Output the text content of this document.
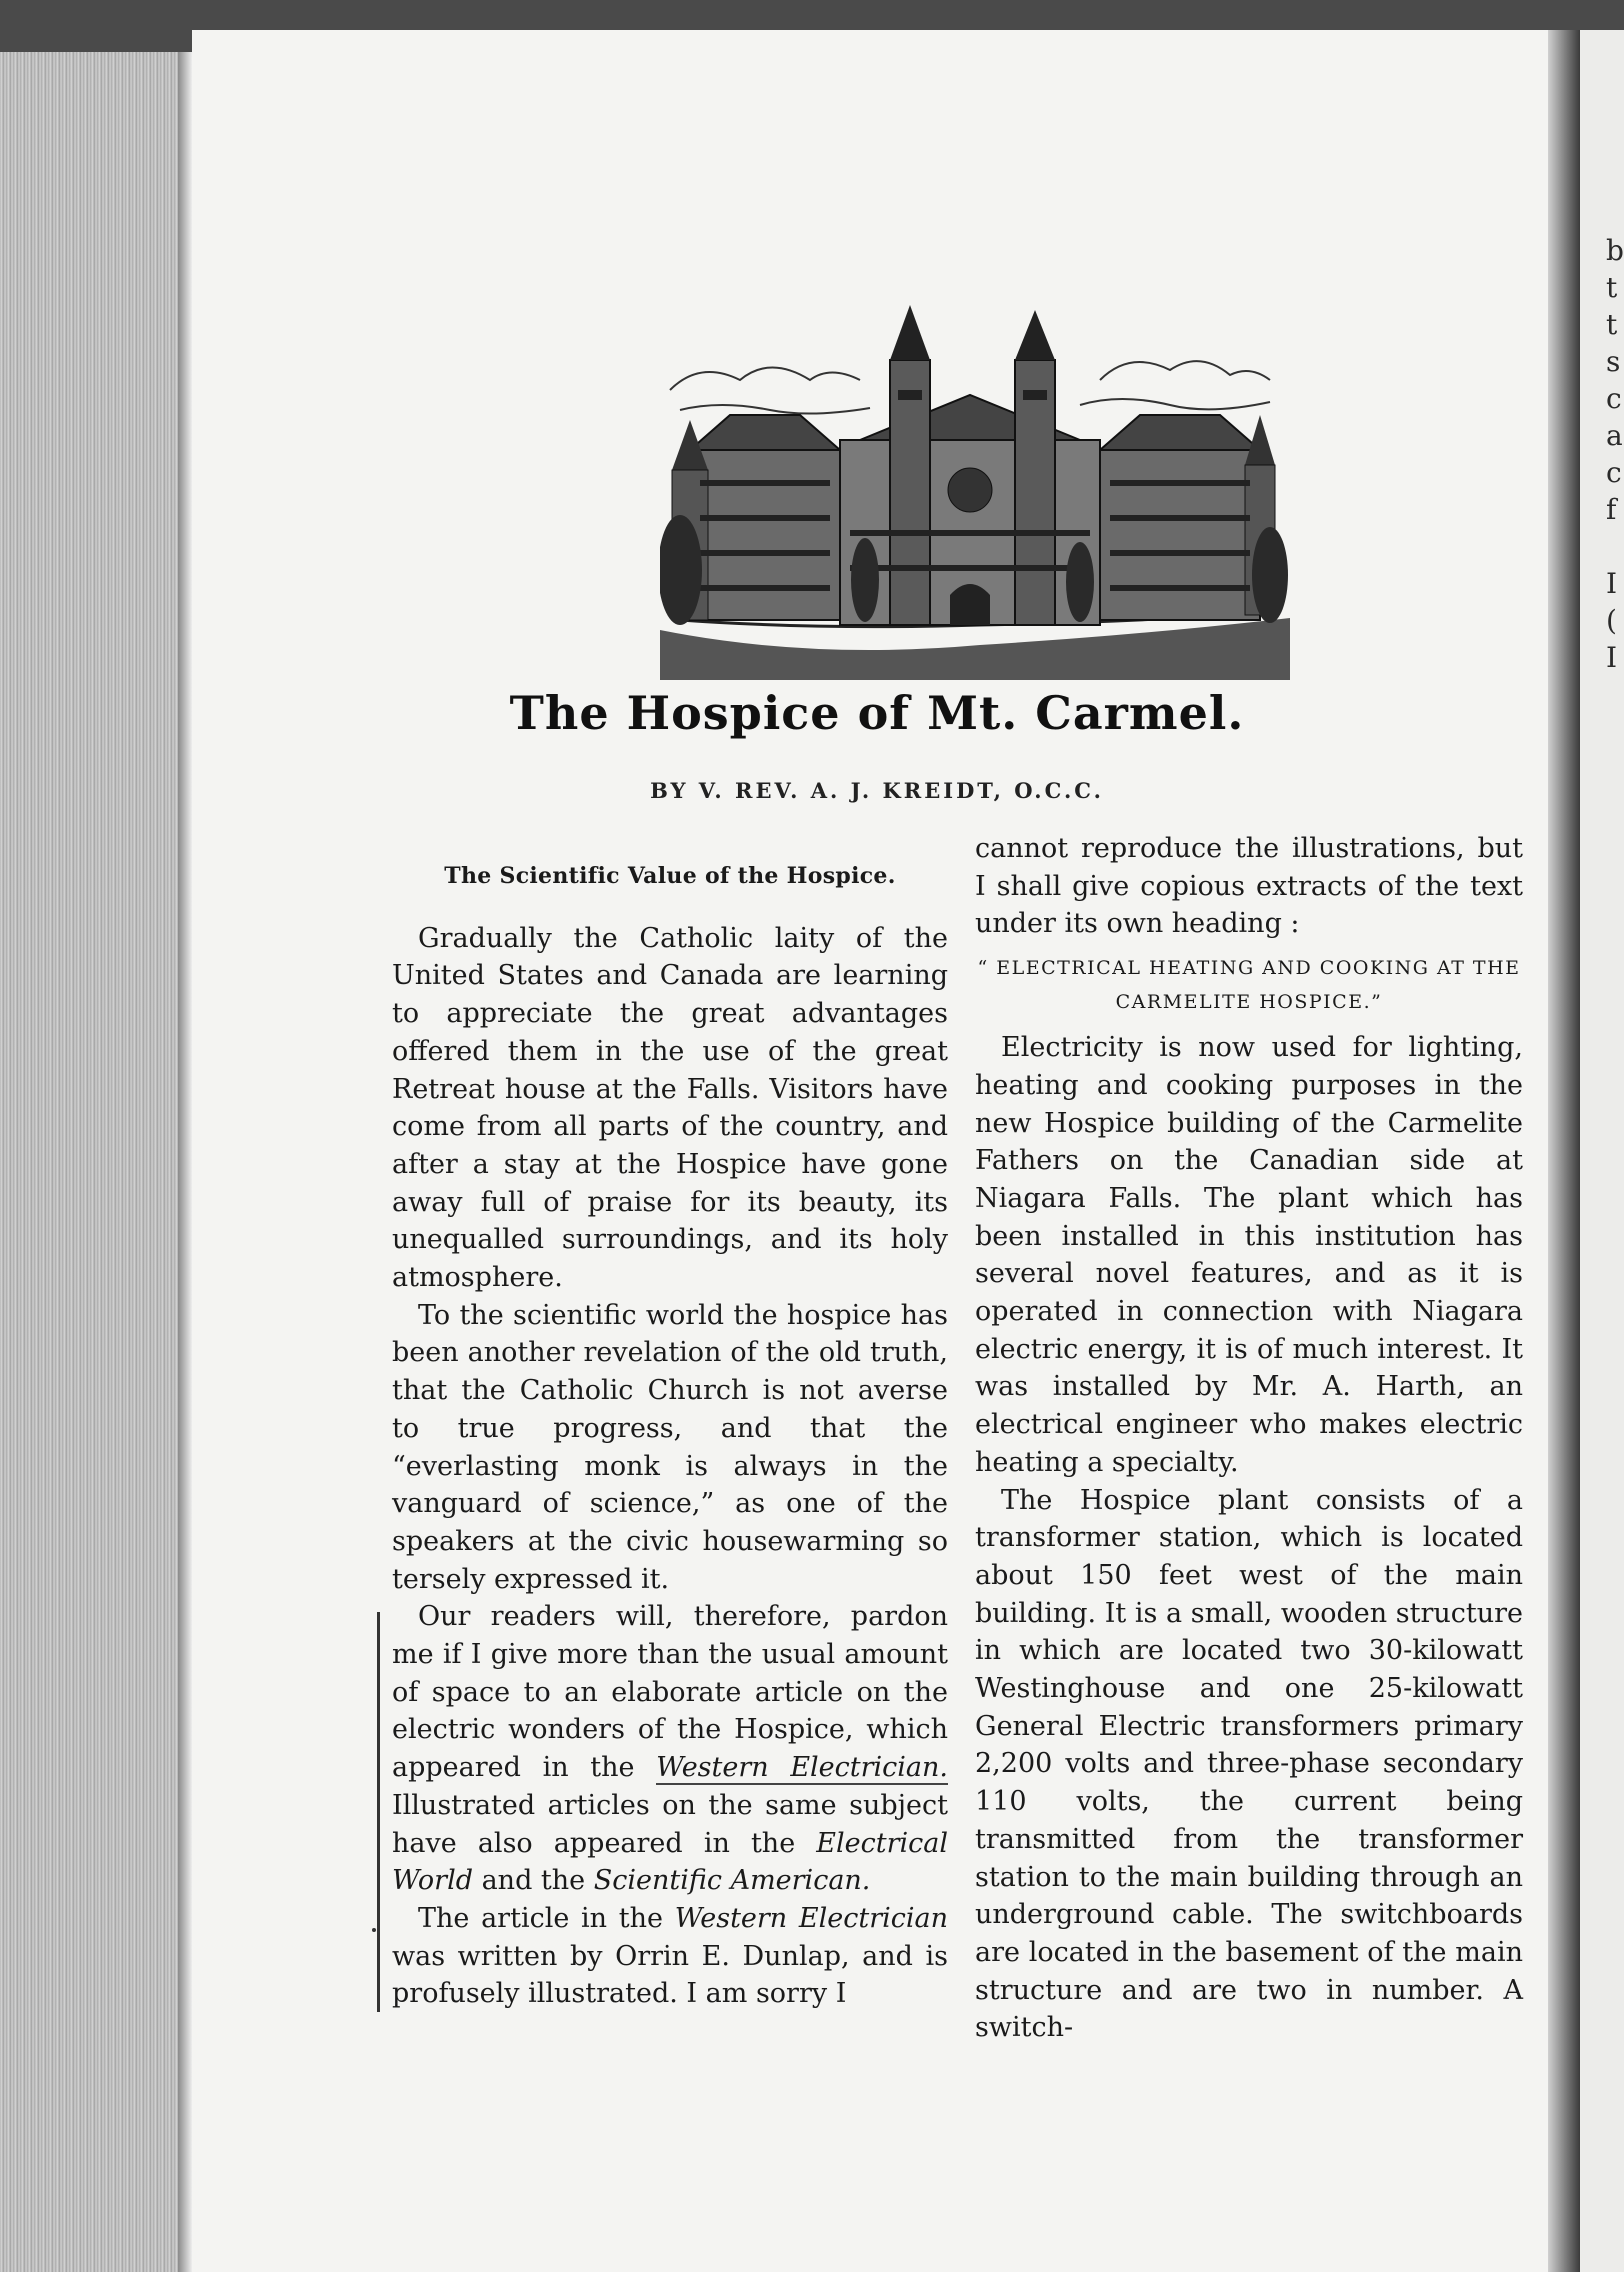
b
t
t
s
c
a
c
f

I
(
I
The Hospice of Mt. Carmel.
BY V. REV. A. J. KREIDT, O.C.C.
The Scientific Value of the Hospice.

Gradually the Catholic laity of the United States and Canada are learning to appreciate the great advantages offered them in the use of the great Retreat house at the Falls. Visitors have come from all parts of the country, and after a stay at the Hospice have gone away full of praise for its beauty, its unequalled surroundings, and its holy atmosphere.

To the scientific world the hospice has been another revelation of the old truth, that the Catholic Church is not averse to true progress, and that the “everlasting monk is always in the vanguard of science,” as one of the speakers at the civic housewarming so tersely expressed it.

Our readers will, therefore, pardon me if I give more than the usual amount of space to an elaborate article on the electric wonders of the Hospice, which appeared in the Western Electrician. Illustrated articles on the same subject have also appeared in the Electrical World and the Scientific American.

The article in the Western Electrician was written by Orrin E. Dunlap, and is profusely illustrated. I am sorry I

cannot reproduce the illustrations, but I shall give copious extracts of the text under its own heading :

“ ELECTRICAL HEATING AND COOKING AT THE CARMELITE HOSPICE.”

Electricity is now used for lighting, heating and cooking purposes in the new Hospice building of the Carmelite Fathers on the Canadian side at Niagara Falls. The plant which has been installed in this institution has several novel features, and as it is operated in connection with Niagara electric energy, it is of much interest. It was installed by Mr. A. Harth, an electrical engineer who makes electric heating a specialty.

The Hospice plant consists of a transformer station, which is located about 150 feet west of the main building. It is a small, wooden structure in which are located two 30-kilowatt Westinghouse and one 25-kilowatt General Electric transformers primary 2,200 volts and three-phase secondary 110 volts, the current being transmitted from the transformer station to the main building through an underground cable. The switchboards are located in the basement of the main structure and are two in number. A switch-
